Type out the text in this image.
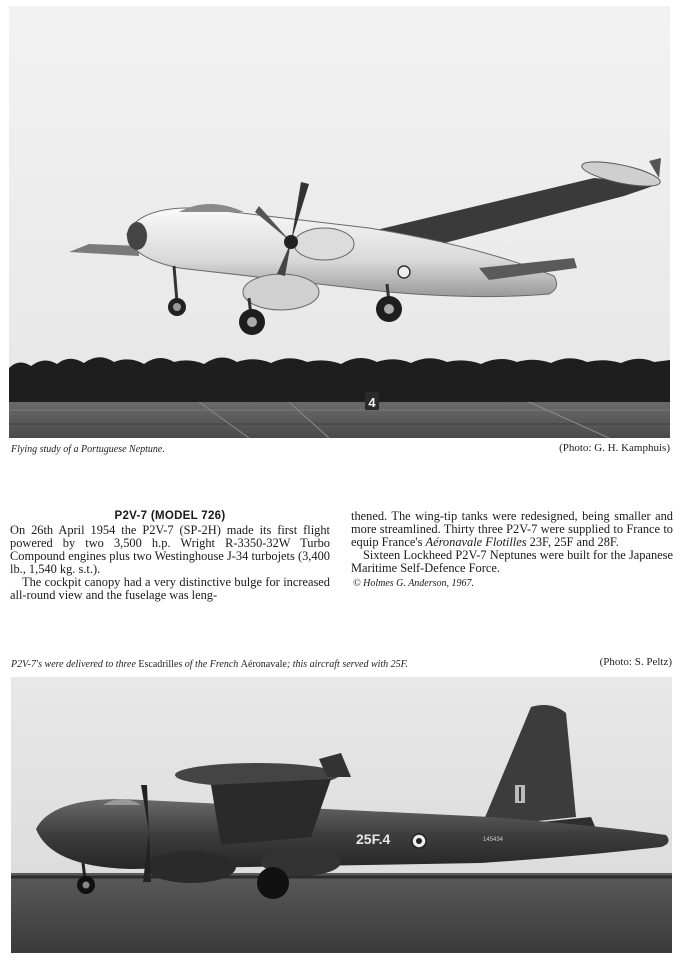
4
Flying study of a Portuguese Neptune.	(Photo: G. H. Kamphuis)
P2V-7 (MODEL 726)

On 26th April 1954 the P2V-7 (SP-2H) made its first flight powered by two 3,500 h.p. Wright R-3350-32W Turbo Compound engines plus two Westinghouse J-34 turbojets (3,400 lb., 1,540 kg. s.t.).

The cockpit canopy had a very distinctive bulge for increased all-round view and the fuselage was leng-

thened. The wing-tip tanks were redesigned, being smaller and more streamlined. Thirty three P2V-7 were supplied to France to equip France's Aéronavale Flotilles 23F, 25F and 28F.

Sixteen Lockheed P2V-7 Neptunes were built for the Japanese Maritime Self-Defence Force.

© Holmes G. Anderson, 1967.
P2V-7's were delivered to three Escadrilles of the French Aéronavale; this aircraft served with 25F.	(Photo: S. Peltz)
25F.4	145434
